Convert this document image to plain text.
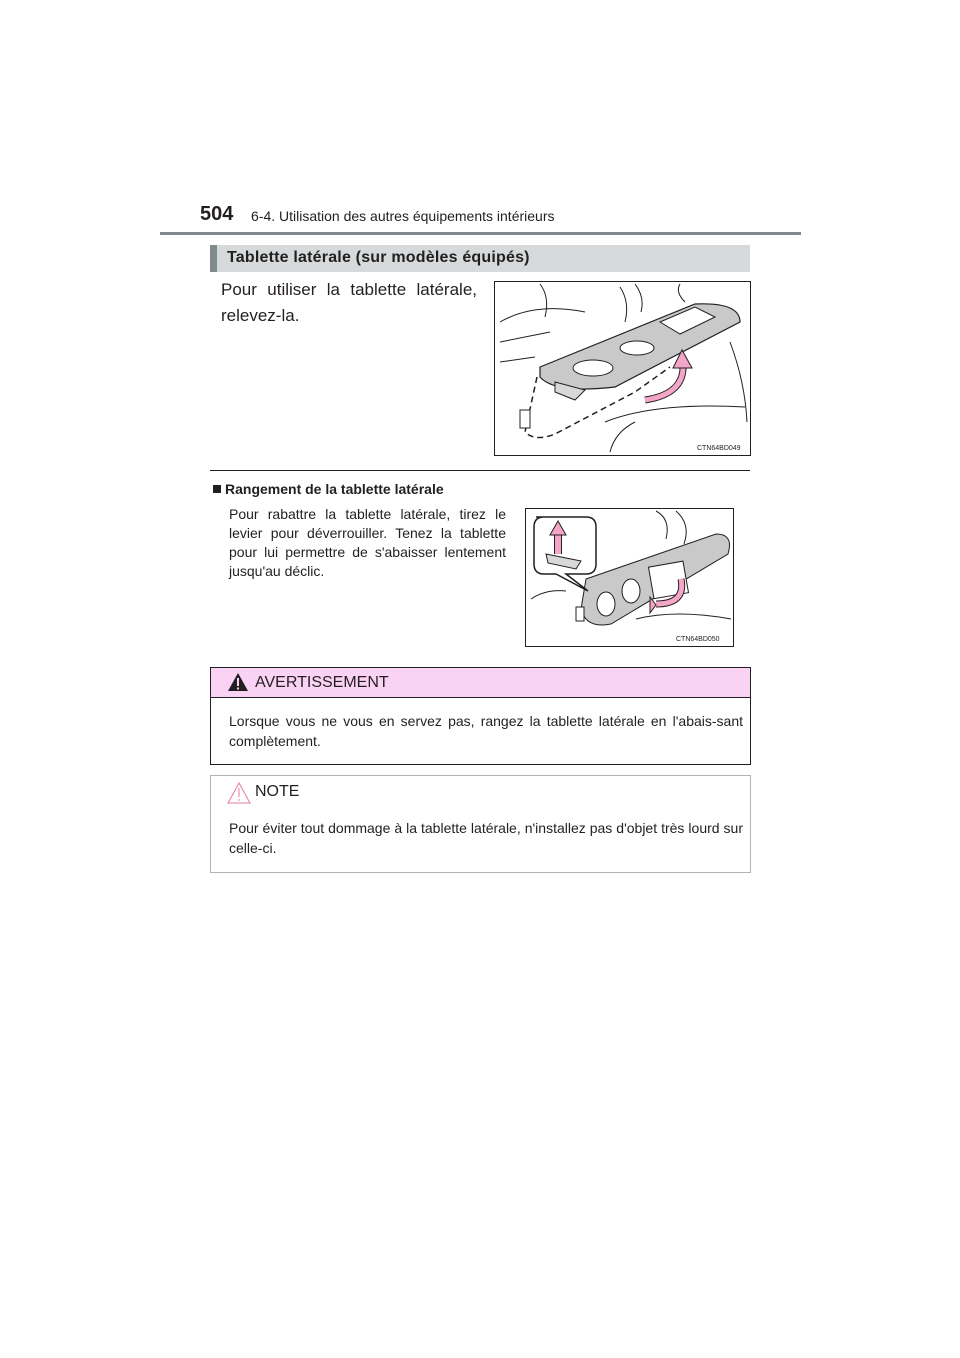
504 6-4. Utilisation des autres équipements intérieurs
Tablette latérale (sur modèles équipés)
Pour utiliser la tablette latérale, relevez-la.
CTN64BD049
Rangement de la tablette latérale
Pour rabattre la tablette latérale, tirez le levier pour déverrouiller. Tenez la tablette pour lui permettre de s'abaisser lentement jusqu'au déclic.
CTN64BD050
AVERTISSEMENT
Lorsque vous ne vous en servez pas, rangez la tablette latérale en l'abais-sant complètement.
NOTE
Pour éviter tout dommage à la tablette latérale, n'installez pas d'objet très lourd sur celle-ci.
